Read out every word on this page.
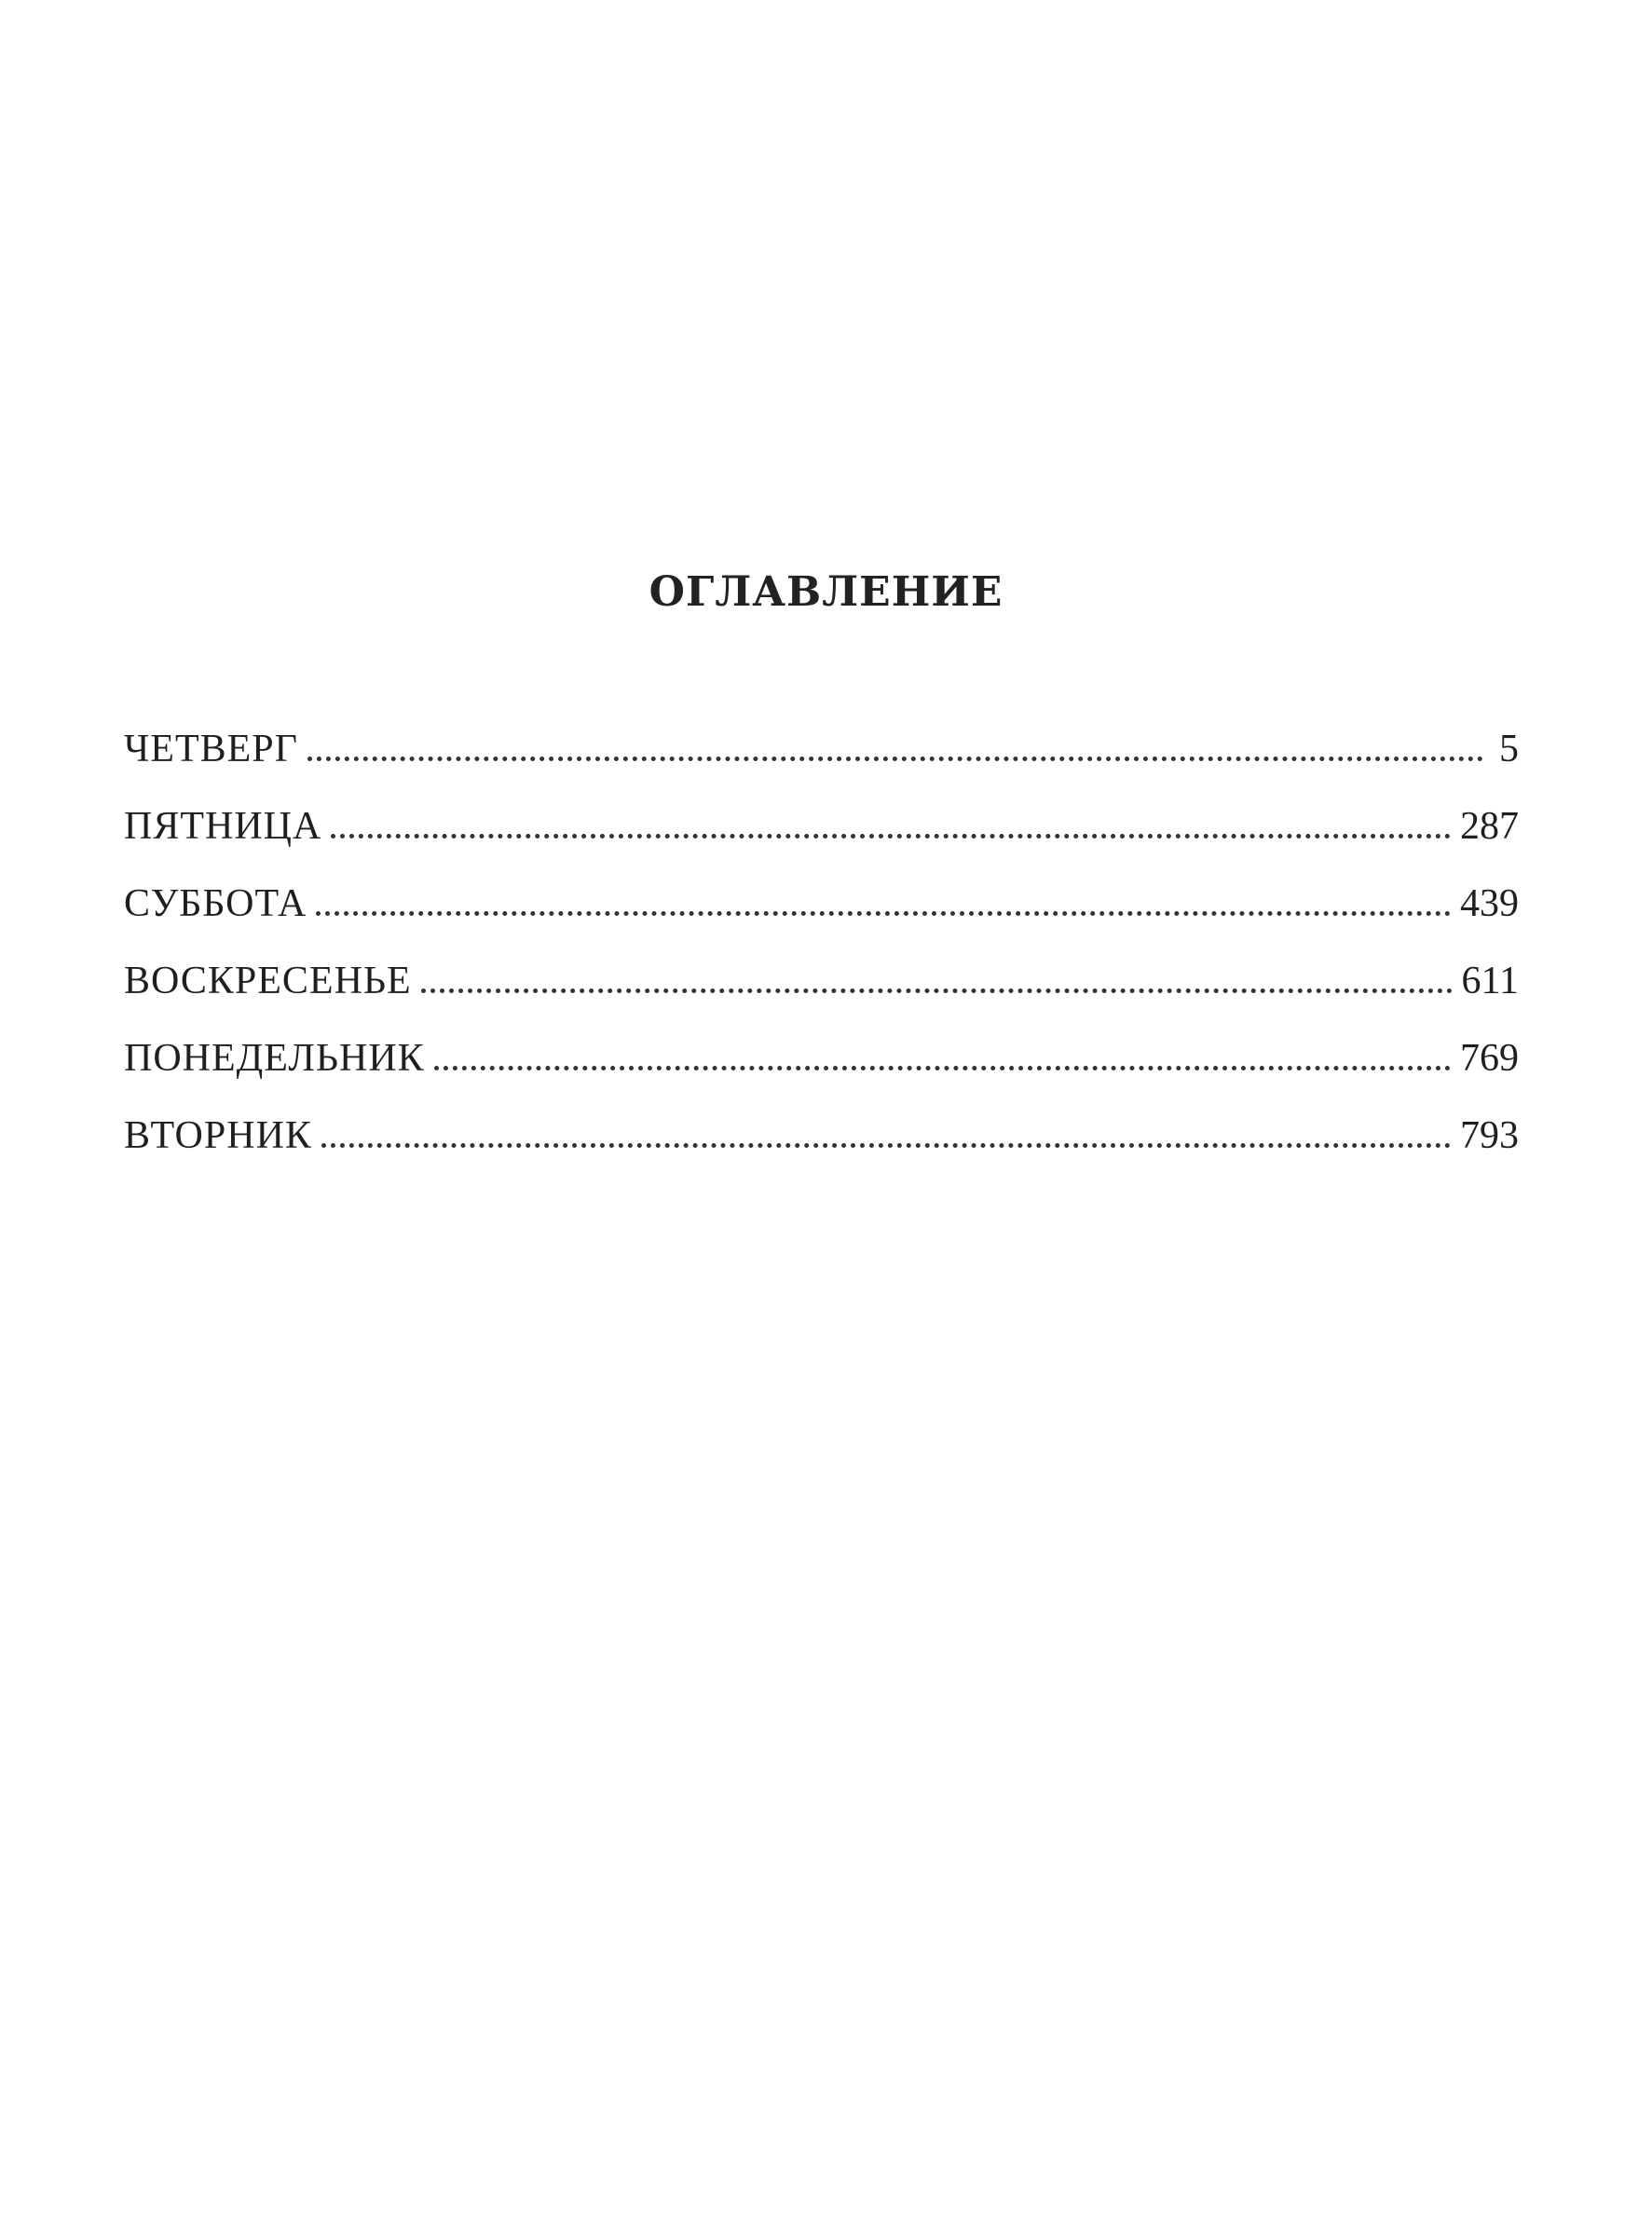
ОГЛАВЛЕНИЕ
ЧЕТВЕРГ	5
ПЯТНИЦА	287
СУББОТА	439
ВОСКРЕСЕНЬЕ	611
ПОНЕДЕЛЬНИК	769
ВТОРНИК	793
